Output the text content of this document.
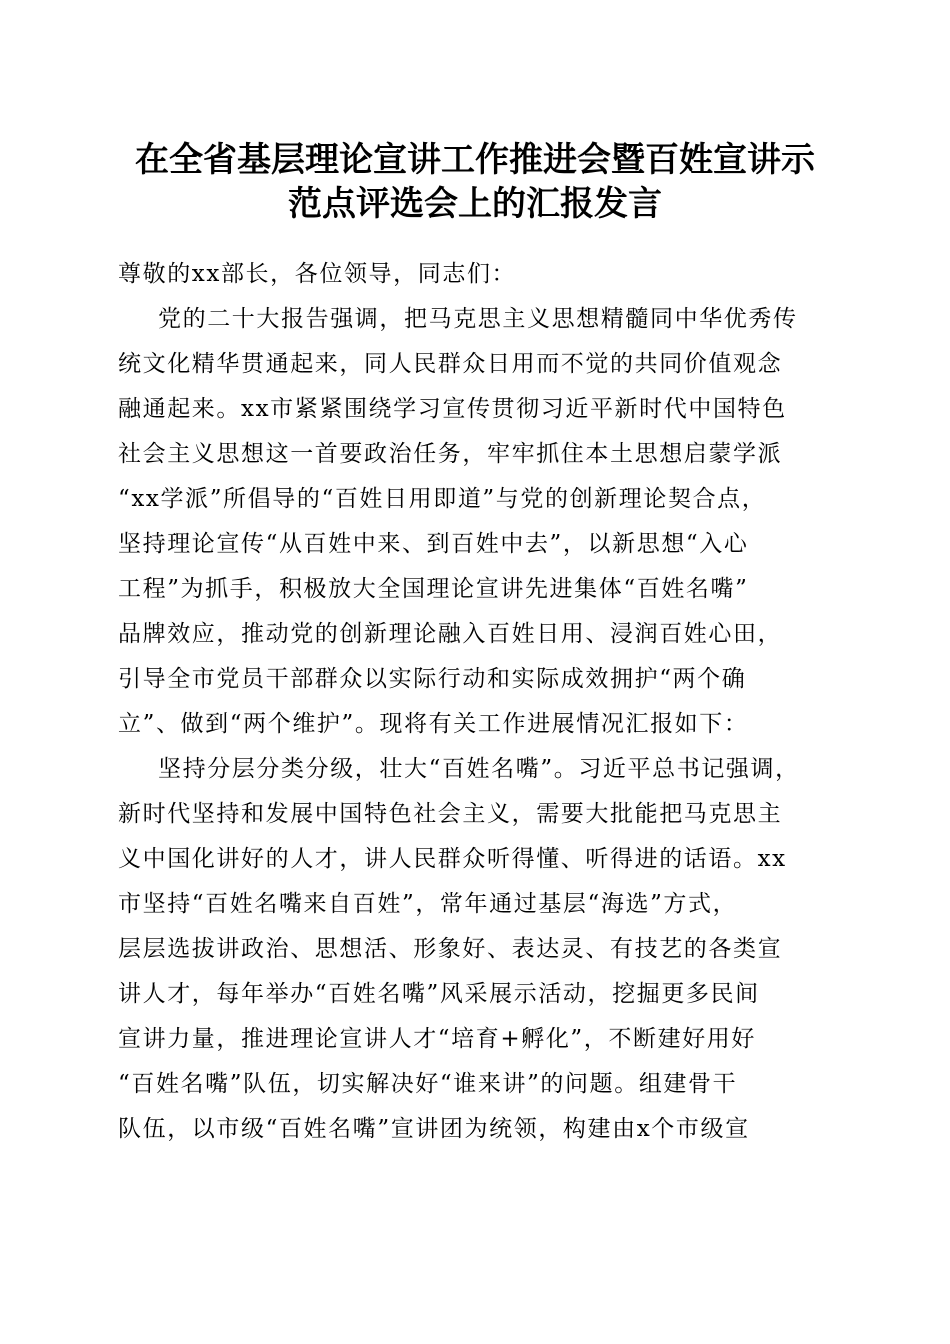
在全省基层理论宣讲工作推进会暨百姓宣讲示
范点评选会上的汇报发言
尊敬的xx部长，各位领导，同志们：
党的二十大报告强调，把马克思主义思想精髓同中华优秀传
统文化精华贯通起来，同人民群众日用而不觉的共同价值观念
融通起来。xx市紧紧围绕学习宣传贯彻习近平新时代中国特色
社会主义思想这一首要政治任务，牢牢抓住本土思想启蒙学派
“xx学派”所倡导的“百姓日用即道”与党的创新理论契合点，
坚持理论宣传“从百姓中来、到百姓中去”，以新思想“入心
工程”为抓手，积极放大全国理论宣讲先进集体“百姓名嘴”
品牌效应，推动党的创新理论融入百姓日用、浸润百姓心田，
引导全市党员干部群众以实际行动和实际成效拥护“两个确
立”、做到“两个维护”。现将有关工作进展情况汇报如下：
坚持分层分类分级，壮大“百姓名嘴”。习近平总书记强调，
新时代坚持和发展中国特色社会主义，需要大批能把马克思主
义中国化讲好的人才，讲人民群众听得懂、听得进的话语。xx
市坚持“百姓名嘴来自百姓”，常年通过基层“海选”方式，
层层选拔讲政治、思想活、形象好、表达灵、有技艺的各类宣
讲人才，每年举办“百姓名嘴”风采展示活动，挖掘更多民间
宣讲力量，推进理论宣讲人才“培育+孵化”，不断建好用好
“百姓名嘴”队伍，切实解决好“谁来讲”的问题。组建骨干
队伍，以市级“百姓名嘴”宣讲团为统领，构建由x个市级宣
